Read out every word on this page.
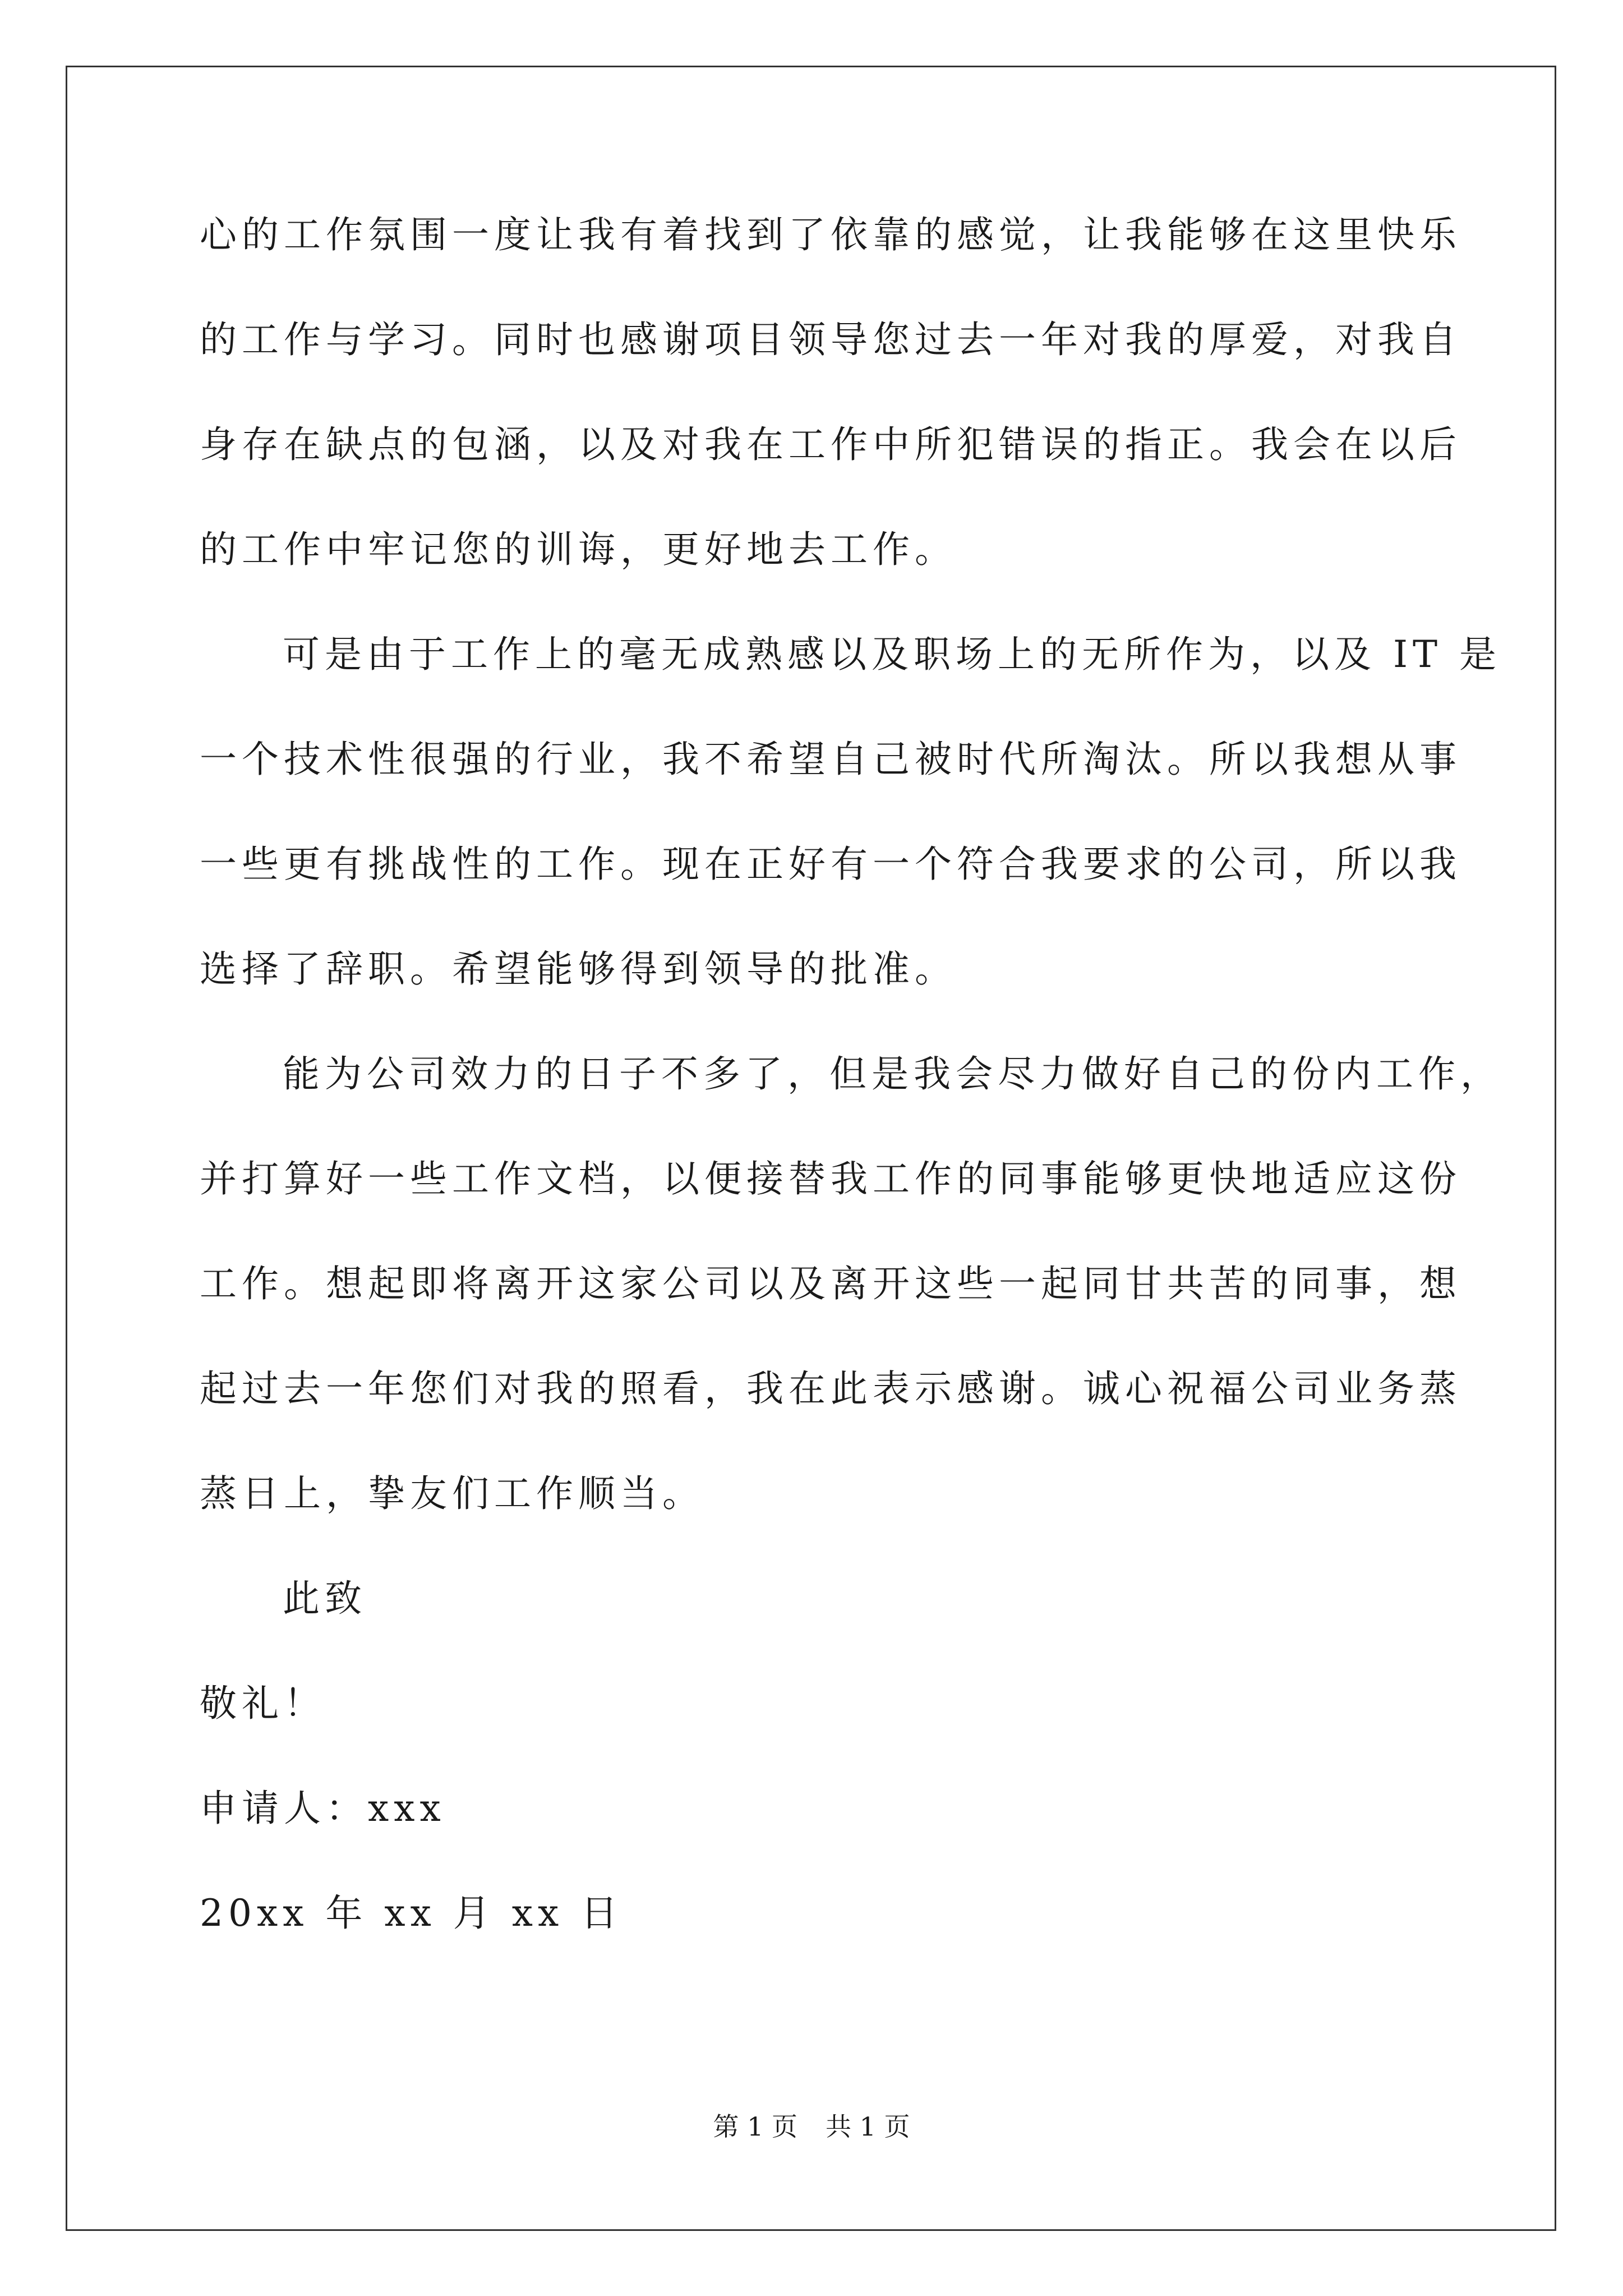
心的工作氛围一度让我有着找到了依靠的感觉，让我能够在这里快乐
的工作与学习。同时也感谢项目领导您过去一年对我的厚爱，对我自
身存在缺点的包涵，以及对我在工作中所犯错误的指正。我会在以后
的工作中牢记您的训诲，更好地去工作。
可是由于工作上的毫无成熟感以及职场上的无所作为，以及 IT 是
一个技术性很强的行业，我不希望自己被时代所淘汰。所以我想从事
一些更有挑战性的工作。现在正好有一个符合我要求的公司，所以我
选择了辞职。希望能够得到领导的批准。
能为公司效力的日子不多了，但是我会尽力做好自己的份内工作，
并打算好一些工作文档，以便接替我工作的同事能够更快地适应这份
工作。想起即将离开这家公司以及离开这些一起同甘共苦的同事，想
起过去一年您们对我的照看，我在此表示感谢。诚心祝福公司业务蒸
蒸日上，挚友们工作顺当。
此致
敬礼！
申请人：xxx
20xx 年 xx 月 xx 日
第 1 页 共 1 页
